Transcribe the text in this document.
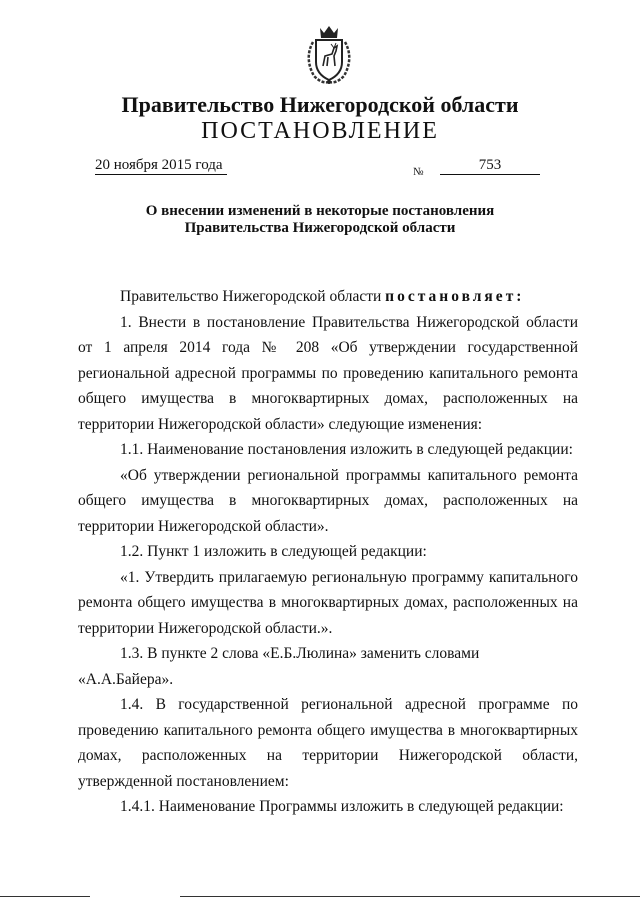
Правительство Нижегородской области
ПОСТАНОВЛЕНИЕ
20 ноября 2015 года	№	753
О внесении изменений в некоторые постановления
Правительства Нижегородской области

Правительство Нижегородской области постановляет:

1. Внести в постановление Правительства Нижегородской области

от 1 апреля 2014 года № 208 «Об утверждении государственной

региональной адресной программы по проведению капитального ремонта

общего имущества в многоквартирных домах, расположенных на

территории Нижегородской области» следующие изменения:

1.1. Наименование постановления изложить в следующей редакции:

«Об утверждении региональной программы капитального ремонта

общего имущества в многоквартирных домах, расположенных на

территории Нижегородской области».

1.2. Пункт 1 изложить в следующей редакции:

«1. Утвердить прилагаемую региональную программу капитального

ремонта общего имущества в многоквартирных домах, расположенных на

территории Нижегородской области.».

1.3. В пункте 2 слова «Е.Б.Люлина» заменить словами «А.А.Байера».

1.4. В государственной региональной адресной программе по

проведению капитального ремонта общего имущества в многоквартирных

домах, расположенных на территории Нижегородской области,

утвержденной постановлением:

1.4.1. Наименование Программы изложить в следующей редакции:
